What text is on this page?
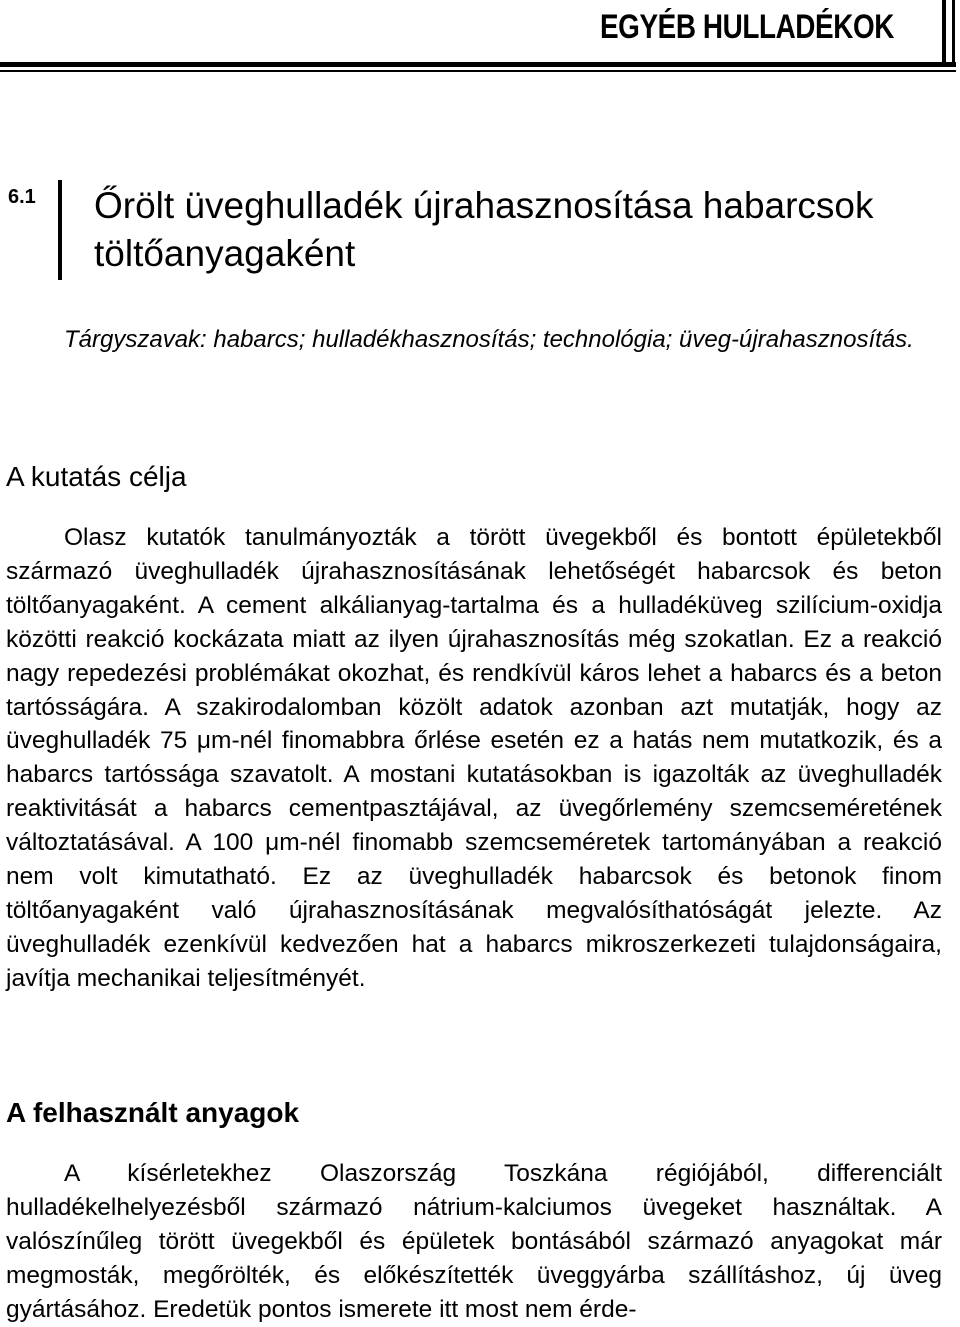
EGYÉB HULLADÉKOK
6.1 Őrölt üveghulladék újrahasznosítása habarcsok töltőanyagaként
Tárgyszavak: habarcs; hulladékhasznosítás; technológia; üveg-újrahasznosítás.
A kutatás célja
Olasz kutatók tanulmányozták a törött üvegekből és bontott épületekből származó üveghulladék újrahasznosításának lehetőségét habarcsok és beton töltőanyagaként. A cement alkálianyag-tartalma és a hulladéküveg szilícium-oxidja közötti reakció kockázata miatt az ilyen újrahasznosítás még szokatlan. Ez a reakció nagy repedezési problémákat okozhat, és rendkívül káros lehet a habarcs és a beton tartósságára. A szakirodalomban közölt adatok azonban azt mutatják, hogy az üveghulladék 75 μm-nél finomabbra őrlése esetén ez a hatás nem mutatkozik, és a habarcs tartóssága szavatolt. A mostani kutatásokban is igazolták az üveghulladék reaktivitását a habarcs cementpasztájával, az üvegőrlemény szemcseméretének változtatásával. A 100 μm-nél finomabb szemcseméretek tartományában a reakció nem volt kimutatható. Ez az üveghulladék habarcsok és betonok finom töltőanyagaként való újrahasznosításának megvalósíthatóságát jelezte. Az üveghulladék ezenkívül kedvezően hat a habarcs mikroszerkezeti tulajdonságaira, javítja mechanikai teljesítményét.
A felhasznált anyagok
A kísérletekhez Olaszország Toszkána régiójából, differenciált hulladékelhelyezésből származó nátrium-kalciumos üvegeket használtak. A valószínűleg törött üvegekből és épületek bontásából származó anyagokat már megmosták, megőrölték, és előkészítették üveggyárba szállításhoz, új üveg gyártásához. Eredetük pontos ismerete itt most nem érde-
